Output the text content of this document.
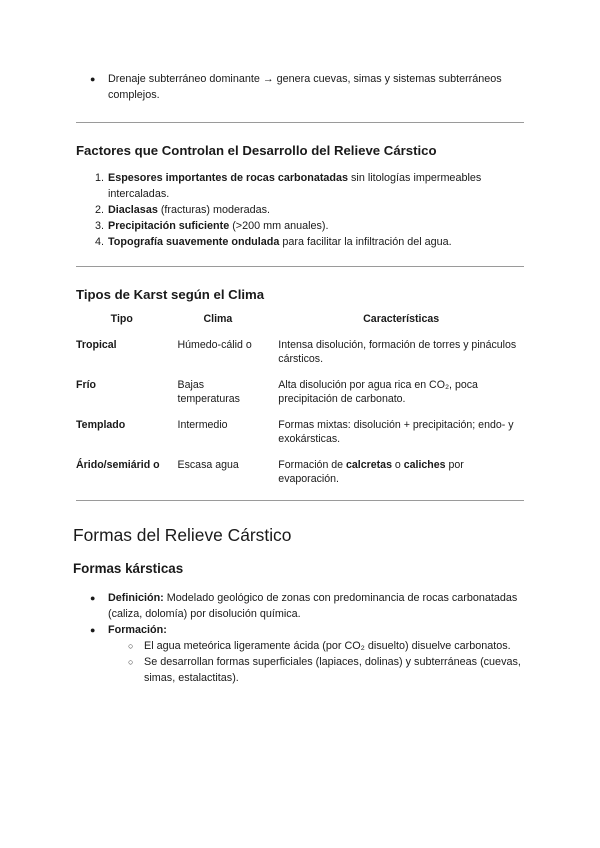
● Drenaje subterráneo dominante → genera cuevas, simas y sistemas subterráneos complejos.
Factores que Controlan el Desarrollo del Relieve Cárstico
1. Espesores importantes de rocas carbonatadas sin litologías impermeables intercaladas.
2. Diaclasas (fracturas) moderadas.
3. Precipitación suficiente (>200 mm anuales).
4. Topografía suavemente ondulada para facilitar la infiltración del agua.
Tipos de Karst según el Clima
Tipo	Clima	Características
Tropical	Húmedo-cálid o	Intensa disolución, formación de torres y pináculos cársticos.
Frío	Bajas temperaturas	Alta disolución por agua rica en CO₂, poca precipitación de carbonato.
Templado	Intermedio	Formas mixtas: disolución + precipitación; endo- y exokársticas.
Árido/semiárid o	Escasa agua	Formación de calcretas o caliches por evaporación.
Formas del Relieve Cárstico
Formas kársticas
● Definición: Modelado geológico de zonas con predominancia de rocas carbonatadas (caliza, dolomía) por disolución química.
● Formación:
○ El agua meteórica ligeramente ácida (por CO₂ disuelto) disuelve carbonatos.
○ Se desarrollan formas superficiales (lapiaces, dolinas) y subterráneas (cuevas, simas, estalactitas).
